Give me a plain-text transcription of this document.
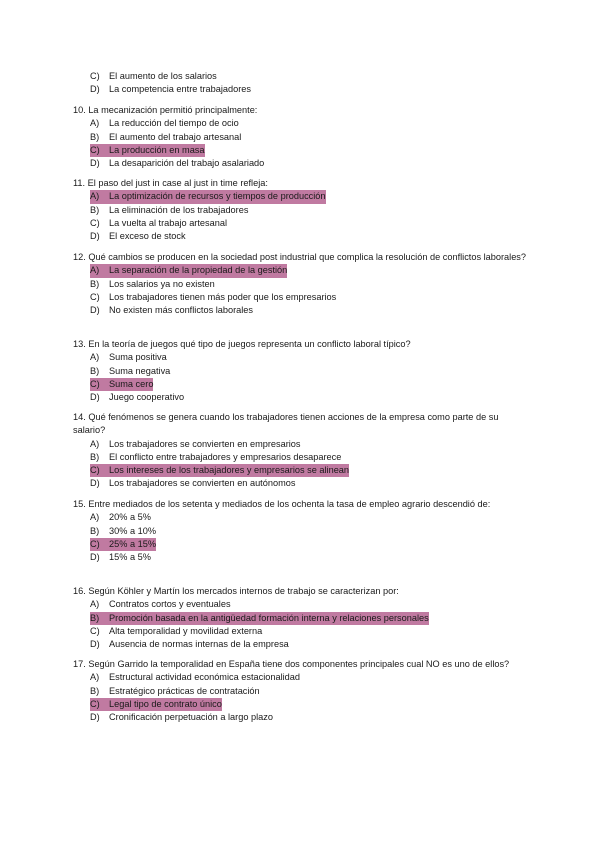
C) El aumento de los salarios
D) La competencia entre trabajadores
10. La mecanización permitió principalmente:
A) La reducción del tiempo de ocio
B) El aumento del trabajo artesanal
C) La producción en masa
D) La desaparición del trabajo asalariado
11. El paso del just in case al just in time refleja:
A) La optimización de recursos y tiempos de producción
B) La eliminación de los trabajadores
C) La vuelta al trabajo artesanal
D) El exceso de stock
12. Qué cambios se producen en la sociedad post industrial que complica la resolución de conflictos laborales?
A) La separación de la propiedad de la gestión
B) Los salarios ya no existen
C) Los trabajadores tienen más poder que los empresarios
D) No existen más conflictos laborales
13. En la teoría de juegos qué tipo de juegos representa un conflicto laboral típico?
A) Suma positiva
B) Suma negativa
C) Suma cero
D) Juego cooperativo
14. Qué fenómenos se genera cuando los trabajadores tienen acciones de la empresa como parte de su salario?
A) Los trabajadores se convierten en empresarios
B) El conflicto entre trabajadores y empresarios desaparece
C) Los intereses de los trabajadores y empresarios se alinean
D) Los trabajadores se convierten en autónomos
15. Entre mediados de los setenta y mediados de los ochenta la tasa de empleo agrario descendió de:
A) 20% a 5%
B) 30% a 10%
C) 25% a 15%
D) 15% a 5%
16. Según Köhler y Martín los mercados internos de trabajo se caracterizan por:
A) Contratos cortos y eventuales
B) Promoción basada en la antigüedad formación interna y relaciones personales
C) Alta temporalidad y movilidad externa
D) Ausencia de normas internas de la empresa
17. Según Garrido la temporalidad en España tiene dos componentes principales cual NO es uno de ellos?
A) Estructural actividad económica estacionalidad
B) Estratégico prácticas de contratación
C) Legal tipo de contrato único
D) Cronificación perpetuación a largo plazo
